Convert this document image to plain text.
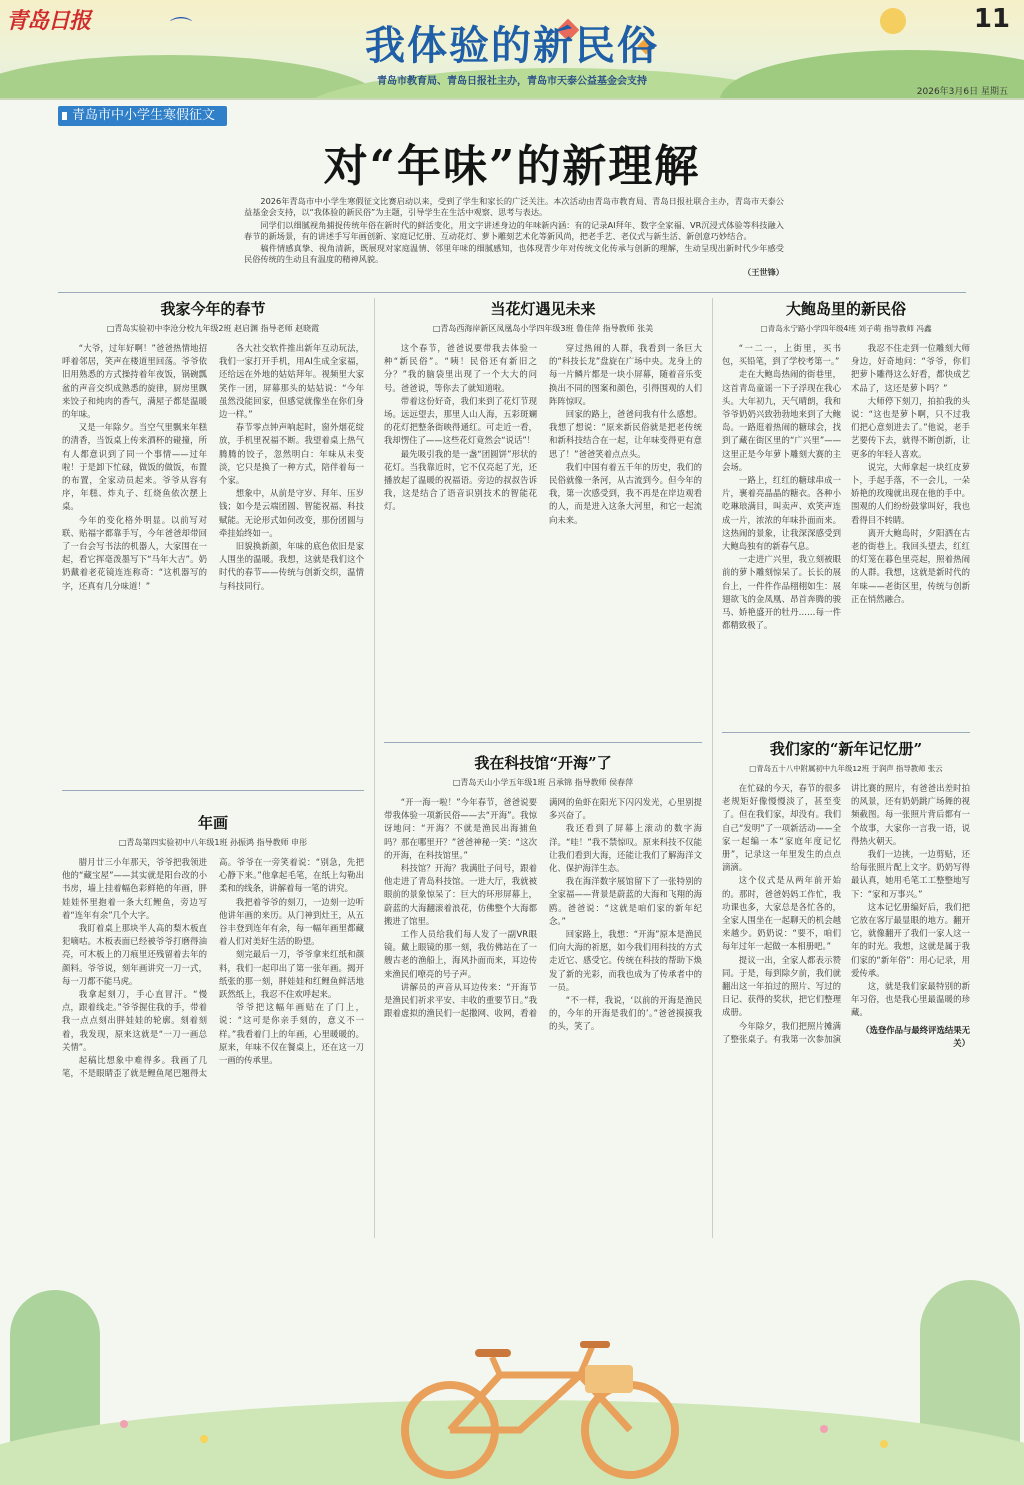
青岛日报	⌒	我体验的新民俗
11
青岛市教育局、青岛日报社主办，青岛市天泰公益基金会支持
2026年3月6日 星期五
青岛市中小学生寒假征文
对“年味”的新理解

2026年青岛市中小学生寒假征文比赛启动以来，受到了学生和家长的广泛关注。本次活动由青岛市教育局、青岛日报社联合主办，青岛市天泰公益基金会支持，以“我体验的新民俗”为主题，引导学生在生活中观察、思考与表达。

同学们以细腻视角捕捉传统年俗在新时代的鲜活变化，用文字讲述身边的年味新内涵：有的记录AI拜年、数字全家福、VR沉浸式体验等科技融入春节的新场景，有的讲述手写年画创新、家庭记忆册、互动花灯、萝卜雕刻艺术化等新风尚，把老手艺、老仪式与新生活、新创意巧妙结合。

稿件情感真挚、视角清新，既展现对家庭温情、邻里年味的细腻感知，也体现青少年对传统文化传承与创新的理解，生动呈现出新时代少年感受民俗传统的生动且有温度的精神风貌。

（王世锋）
我家今年的春节
□青岛实验初中李沧分校九年级2班 赵启渊 指导老师 赵晓霞

“大爷，过年好啊！”爸爸热情地招呼着邻居，笑声在楼道里回荡。爷爷依旧用熟悉的方式操持着年夜饭，锅碗瓢盆的声音交织成熟悉的旋律，厨房里飘来饺子和炖肉的香气，满屋子都是温暖的年味。

又是一年除夕。当空气里飘来年糕的清香，当饭桌上传来酒杯的碰撞，所有人都意识到了同一个事情——过年啦！于是卸下忙碌，做饭的做饭，布置的布置，全家动员起来。爷爷从容有序，年糕、炸丸子、红烧鱼依次摆上桌。

今年的变化格外明显。以前写对联、贴福字都靠手写，今年爸爸却带回了一台会写书法的机器人，大家围在一起，看它挥毫泼墨写下“马年大吉”。奶奶戴着老花镜连连称奇：“这机器写的字，还真有几分味道！”

各大社交软件推出新年互动玩法，我们一家打开手机，用AI生成全家福，还给远在外地的姑姑拜年。视频里大家笑作一团，屏幕那头的姑姑说：“今年虽然没能回家，但感觉就像坐在你们身边一样。”

春节零点钟声响起时，窗外烟花绽放，手机里祝福不断。我望着桌上热气腾腾的饺子，忽然明白：年味从未变淡，它只是换了一种方式，陪伴着每一个家。

想象中，从前是守岁、拜年、压岁钱；如今是云端团圆、智能祝福、科技赋能。无论形式如何改变，那份团圆与牵挂始终如一。

旧貌换新颜，年味的底色依旧是家人围坐的温暖。我想，这就是我们这个时代的春节——传统与创新交织，温情与科技同行。

年画
□青岛第四实验初中八年级1班 孙振鸿 指导教师 申彤

腊月廿三小年那天，爷爷把我领进他的“藏宝屋”——其实就是阳台改的小书房，墙上挂着幅色彩鲜艳的年画，胖娃娃怀里抱着一条大红鲤鱼，旁边写着“连年有余”几个大字。

我盯着桌上那块半人高的梨木板直犯嘀咕。木板表面已经被爷爷打磨得油亮，可木板上的刀痕里还残留着去年的颜料。爷爷说，刻年画讲究一刀一式，每一刀都不能马虎。

我拿起刻刀，手心直冒汗。“慢点，跟着线走。”爷爷握住我的手，带着我一点点刻出胖娃娃的轮廓。刻着刻着，我发现，原来这就是“一刀一画总关情”。

起稿比想象中难得多。我画了几笔，不是眼睛歪了就是鲤鱼尾巴翘得太高。爷爷在一旁笑着说：“别急，先把心静下来。”他拿起毛笔，在纸上勾勒出柔和的线条，讲解着每一笔的讲究。

我把着爷爷的刻刀，一边刻一边听他讲年画的来历。从门神到灶王，从五谷丰登到连年有余，每一幅年画里都藏着人们对美好生活的盼望。

刻完最后一刀，爷爷拿来红纸和颜料，我们一起印出了第一张年画。揭开纸张的那一刻，胖娃娃和红鲤鱼鲜活地跃然纸上，我忍不住欢呼起来。

爷爷把这幅年画贴在了门上，说：“这可是你亲手刻的，意义不一样。”我看着门上的年画，心里暖暖的。原来，年味不仅在餐桌上，还在这一刀一画的传承里。

当花灯遇见未来
□青岛西海岸新区凤凰岛小学四年级3班 鲁佳萍 指导教师 张美

这个春节，爸爸说要带我去体验一种“新民俗”。“咦！民俗还有新旧之分？”我的脑袋里出现了一个大大的问号。爸爸说，等你去了就知道啦。

带着这份好奇，我们来到了花灯节现场。远远望去，那里人山人海，五彩斑斓的花灯把整条街映得通红。可走近一看，我却愣住了——这些花灯竟然会“说话”！

最先吸引我的是一盏“团圆饼”形状的花灯。当我靠近时，它不仅亮起了光，还播放起了温暖的祝福语。旁边的叔叔告诉我，这是结合了语音识别技术的智能花灯。

穿过热闹的人群，我看到一条巨大的“科技长龙”盘旋在广场中央。龙身上的每一片鳞片都是一块小屏幕，随着音乐变换出不同的图案和颜色，引得围观的人们阵阵惊叹。

回家的路上，爸爸问我有什么感想。我想了想说：“原来新民俗就是把老传统和新科技结合在一起，让年味变得更有意思了！”爸爸笑着点点头。

我们中国有着五千年的历史，我们的民俗就像一条河，从古流到今。但今年的我，第一次感受到，我不再是在岸边观看的人，而是进入这条大河里，和它一起流向未来。

我在科技馆“开海”了
□青岛天山小学五年级1班 吕承锦 指导教师 侯春萍

“开一海一啦！”今年春节，爸爸说要带我体验一项新民俗——去“开海”。我惊讶地问：“开海？不就是渔民出海捕鱼吗？那在哪里开？”爸爸神秘一笑：“这次的开海，在科技馆里。”

科技馆？开海？我满肚子问号，跟着他走进了青岛科技馆。一进大厅，我就被眼前的景象惊呆了：巨大的环形屏幕上，蔚蓝的大海翻滚着浪花，仿佛整个大海都搬进了馆里。

工作人员给我们每人发了一副VR眼镜。戴上眼镜的那一刻，我仿佛站在了一艘古老的渔船上，海风扑面而来，耳边传来渔民们嘹亮的号子声。

讲解员的声音从耳边传来：“开海节是渔民们祈求平安、丰收的重要节日。”我跟着虚拟的渔民们一起撒网、收网，看着满网的鱼虾在阳光下闪闪发光，心里别提多兴奋了。

我还看到了屏幕上滚动的数字海洋。“哇！”我不禁惊叹。原来科技不仅能让我们看到大海，还能让我们了解海洋文化、保护海洋生态。

我在海洋数字展馆留下了一张特别的全家福——背景是蔚蓝的大海和飞翔的海鸥。爸爸说：“这就是咱们家的新年纪念。”

回家路上，我想：“开海”原本是渔民们向大海的祈愿，如今我们用科技的方式走近它、感受它。传统在科技的帮助下焕发了新的光彩，而我也成为了传承者中的一员。

“不一样，我说，‘以前的开海是渔民的，今年的开海是我们的’。”爸爸摸摸我的头，笑了。

大鲍岛里的新民俗
□青岛永宁路小学四年级4班 刘子萌 指导教师 冯鑫

“一二一，上街里，买书包，买铅笔，到了学校考第一。”

走在大鲍岛热闹的街巷里，这首青岛童谣一下子浮现在我心头。大年初九，天气晴朗，我和爷爷奶奶兴致勃勃地来到了大鲍岛。一路逛着热闹的糖球会，找到了藏在街区里的“广兴里”——这里正是今年萝卜雕刻大赛的主会场。

一路上，红红的糖球串成一片，裹着亮晶晶的糖衣。各种小吃琳琅满目，叫卖声、欢笑声连成一片，浓浓的年味扑面而来。这热闹的景象，让我深深感受到大鲍岛独有的新春气息。

一走进广兴里，我立刻被眼前的萝卜雕刻惊呆了。长长的展台上，一件件作品栩栩如生：展翅欲飞的金凤凰、昂首奔腾的骏马、娇艳盛开的牡丹……每一件都精致极了。

我忍不住走到一位雕刻大师身边，好奇地问：“爷爷，你们把萝卜雕得这么好看，都快成艺术品了，这还是萝卜吗？”

大师停下刻刀，拍拍我的头说：“这也是萝卜啊，只不过我们把心意刻进去了。”他说，老手艺要传下去，就得不断创新，让更多的年轻人喜欢。

说完，大师拿起一块红皮萝卜，手起手落，不一会儿，一朵娇艳的玫瑰就出现在他的手中。围观的人们纷纷鼓掌叫好，我也看得目不转睛。

离开大鲍岛时，夕阳洒在古老的街巷上。我回头望去，红红的灯笼在暮色里亮起，照着热闹的人群。我想，这就是新时代的年味——老街区里，传统与创新正在悄然融合。

我们家的“新年记忆册”
□青岛五十八中附属初中九年级12班 于润声 指导教师 张云

在忙碌的今天，春节的很多老规矩好像慢慢淡了，甚至变了。但在我们家，却没有。我们自己“发明”了一项新活动——全家一起编一本“家庭年度记忆册”，记录这一年里发生的点点滴滴。

这个仪式是从两年前开始的。那时，爸爸妈妈工作忙，我功课也多，大家总是各忙各的，全家人围坐在一起聊天的机会越来越少。奶奶说：“要不，咱们每年过年一起做一本相册吧。”

提议一出，全家人都表示赞同。于是，每到除夕前，我们就翻出这一年拍过的照片、写过的日记、获得的奖状，把它们整理成册。

今年除夕，我们把照片摊满了整张桌子。有我第一次参加演讲比赛的照片，有爸爸出差时拍的风景，还有奶奶跳广场舞的视频截图。每一张照片背后都有一个故事，大家你一言我一语，说得热火朝天。

我们一边挑，一边剪贴，还给每张照片配上文字。奶奶写得最认真，她用毛笔工工整整地写下：“家和万事兴。”

这本记忆册编好后，我们把它放在客厅最显眼的地方。翻开它，就像翻开了我们一家人这一年的时光。我想，这就是属于我们家的“新年俗”：用心记录，用爱传承。

这，就是我们家最特别的新年习俗，也是我心里最温暖的珍藏。

（选登作品与最终评选结果无关）
